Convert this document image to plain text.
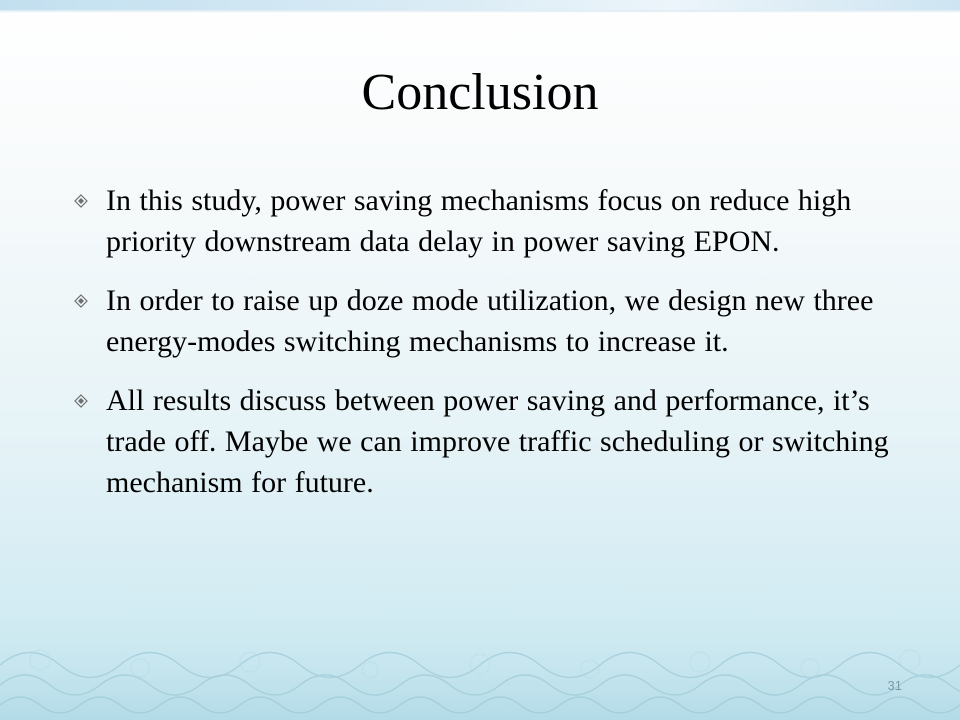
Conclusion
In this study, power saving mechanisms focus on reduce high priority downstream data delay in power saving EPON.
In order to raise up doze mode utilization, we design new three energy-modes switching mechanisms to increase it.
All results discuss between power saving and performance, it’s trade off. Maybe we can improve traffic scheduling or switching mechanism for future.
31
